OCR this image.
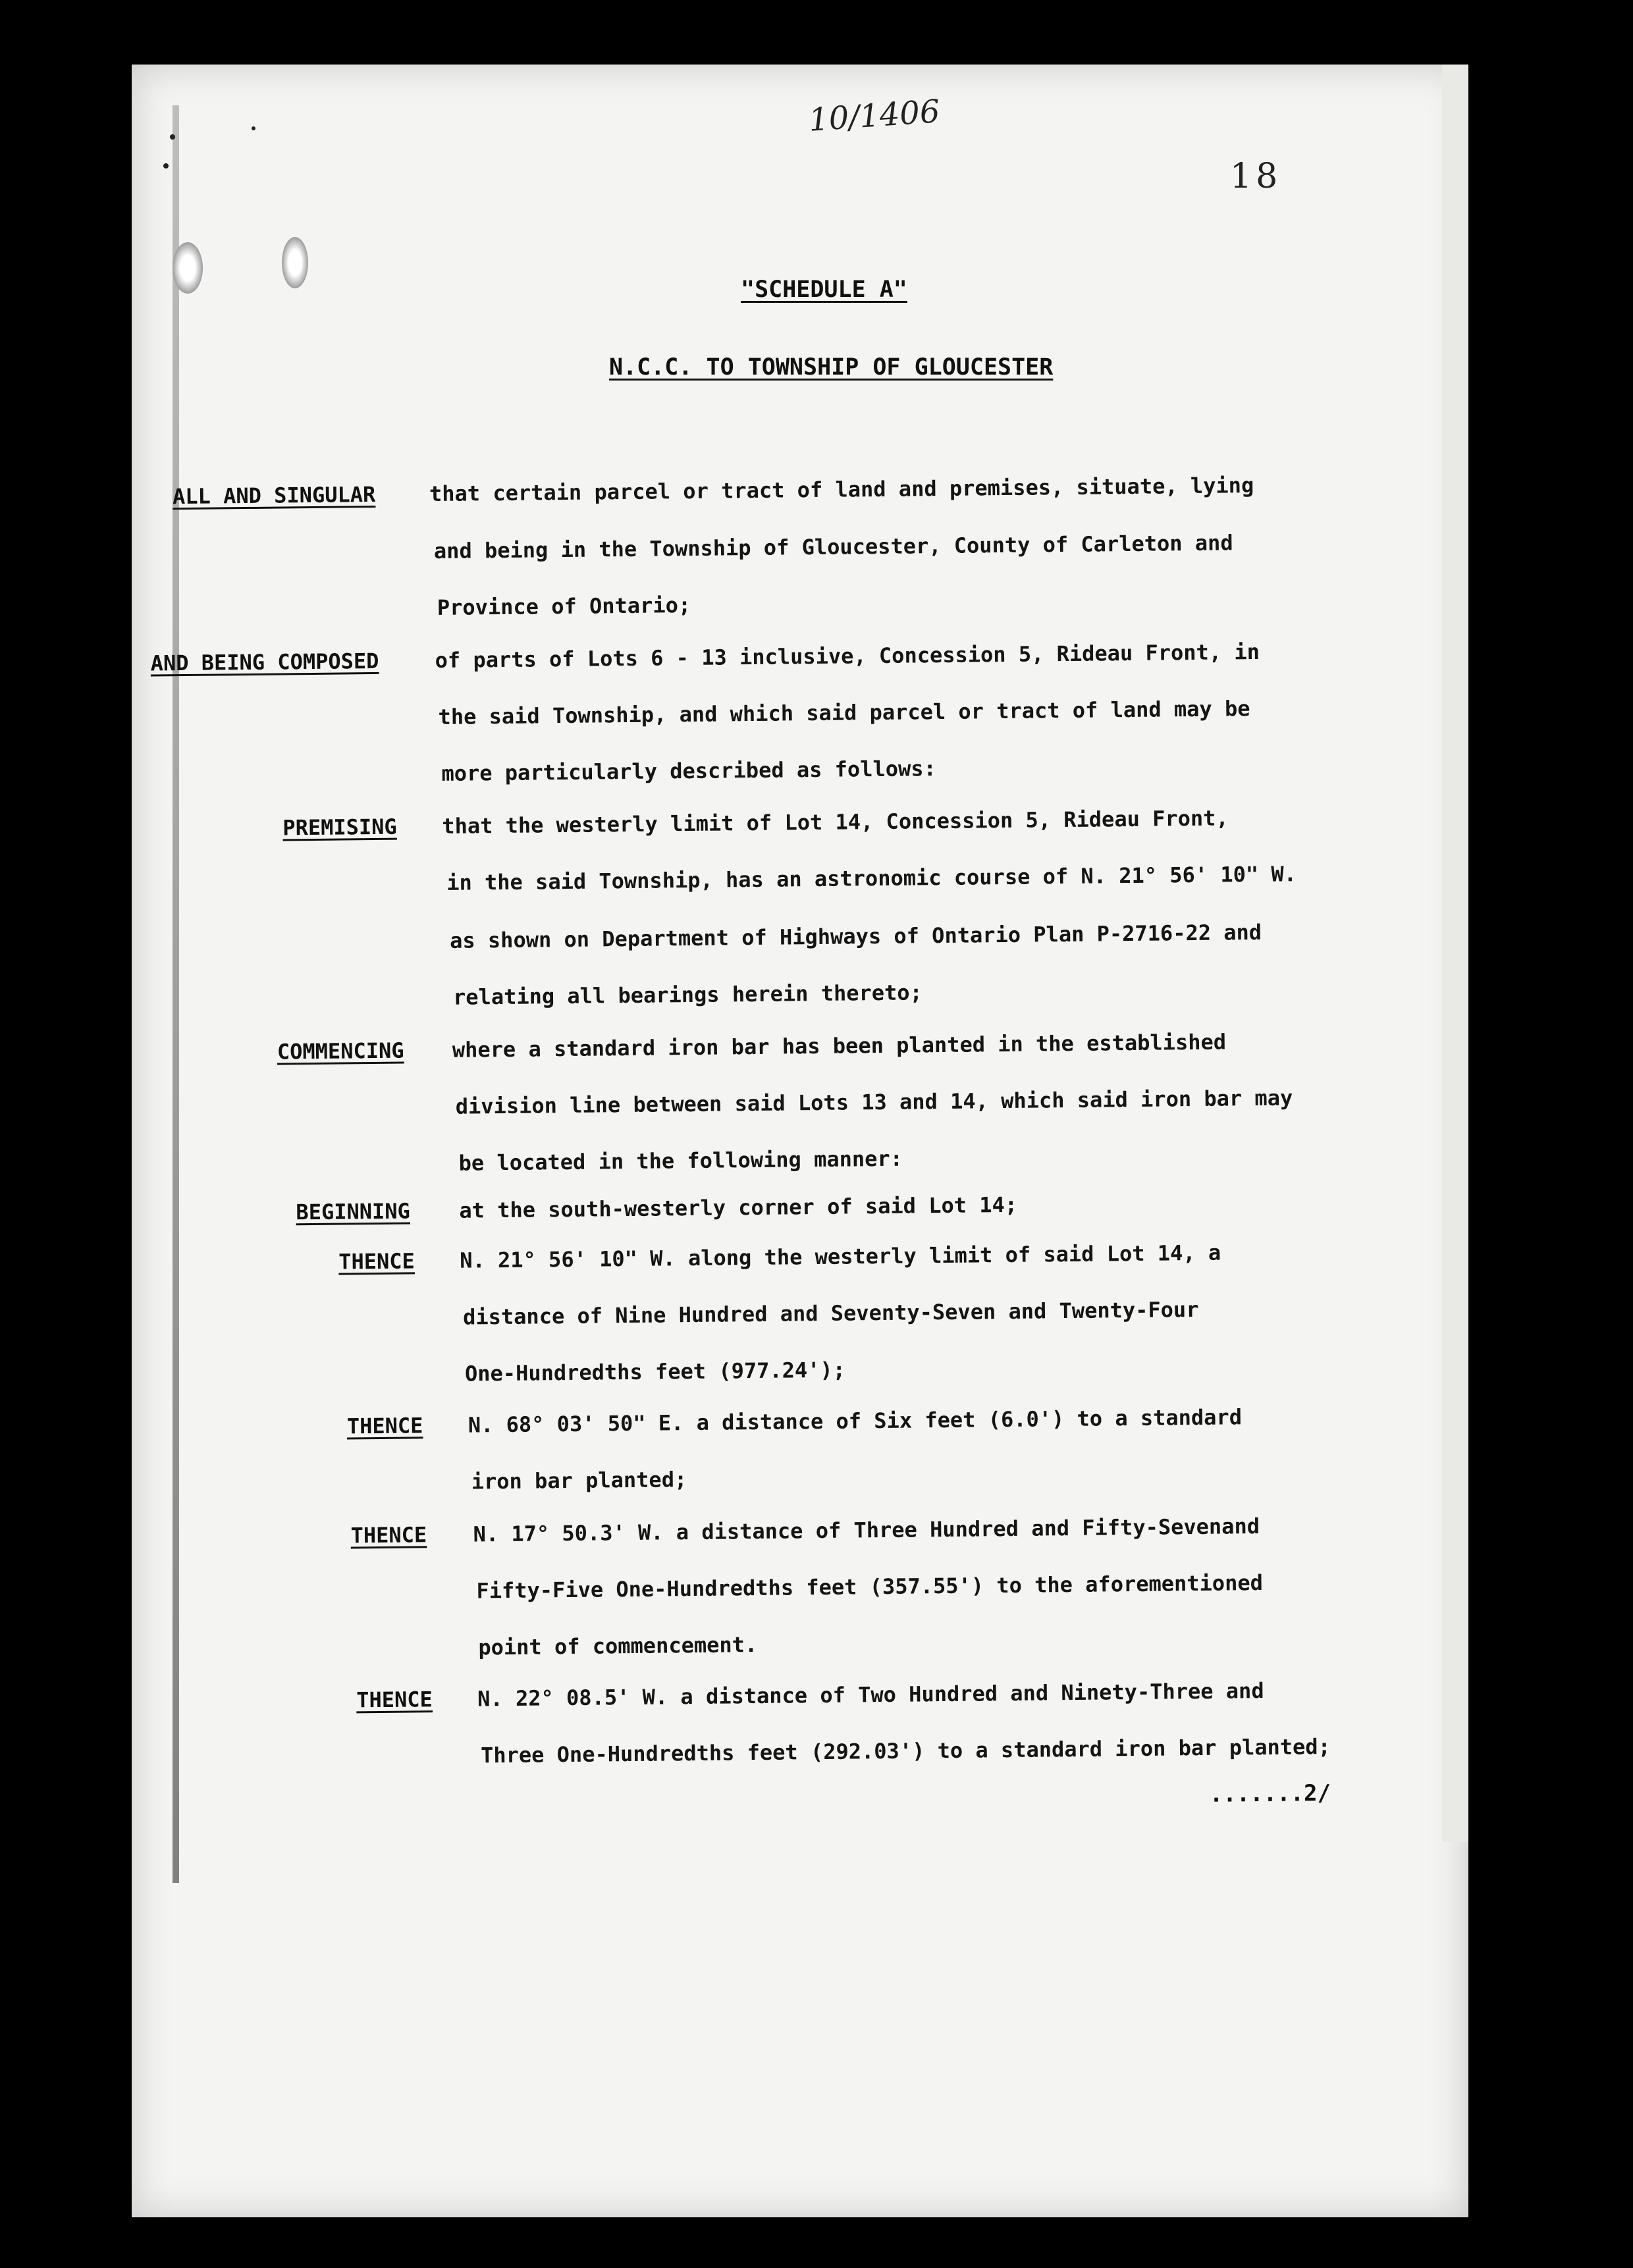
10/1406
18
"SCHEDULE A"
N.C.C. TO TOWNSHIP OF GLOUCESTER
ALL AND SINGULAR	that certain parcel or tract of land and premises, situate, lying
and being in the Township of Gloucester, County of Carleton and
Province of Ontario;
AND BEING COMPOSED	of parts of Lots 6 - 13 inclusive, Concession 5, Rideau Front, in
the said Township, and which said parcel or tract of land may be
more particularly described as follows:
PREMISING that the westerly limit of Lot 14, Concession 5, Rideau Front,
in the said Township, has an astronomic course of N. 21° 56' 10" W.
as shown on Department of Highways of Ontario Plan P-2716-22 and
relating all bearings herein thereto;
COMMENCING where a standard iron bar has been planted in the established
division line between said Lots 13 and 14, which said iron bar may
be located in the following manner:
BEGINNING at the south-westerly corner of said Lot 14;
THENCE N. 21° 56' 10" W. along the westerly limit of said Lot 14, a
distance of Nine Hundred and Seventy-Seven and Twenty-Four
One-Hundredths feet (977.24');
THENCE N. 68° 03' 50" E. a distance of Six feet (6.0') to a standard
iron bar planted;
THENCE N. 17° 50.3' W. a distance of Three Hundred and Fifty-Sevenand
Fifty-Five One-Hundredths feet (357.55') to the aforementioned
point of commencement.
THENCE N. 22° 08.5' W. a distance of Two Hundred and Ninety-Three and
Three One-Hundredths feet (292.03') to a standard iron bar planted;
.......2/
